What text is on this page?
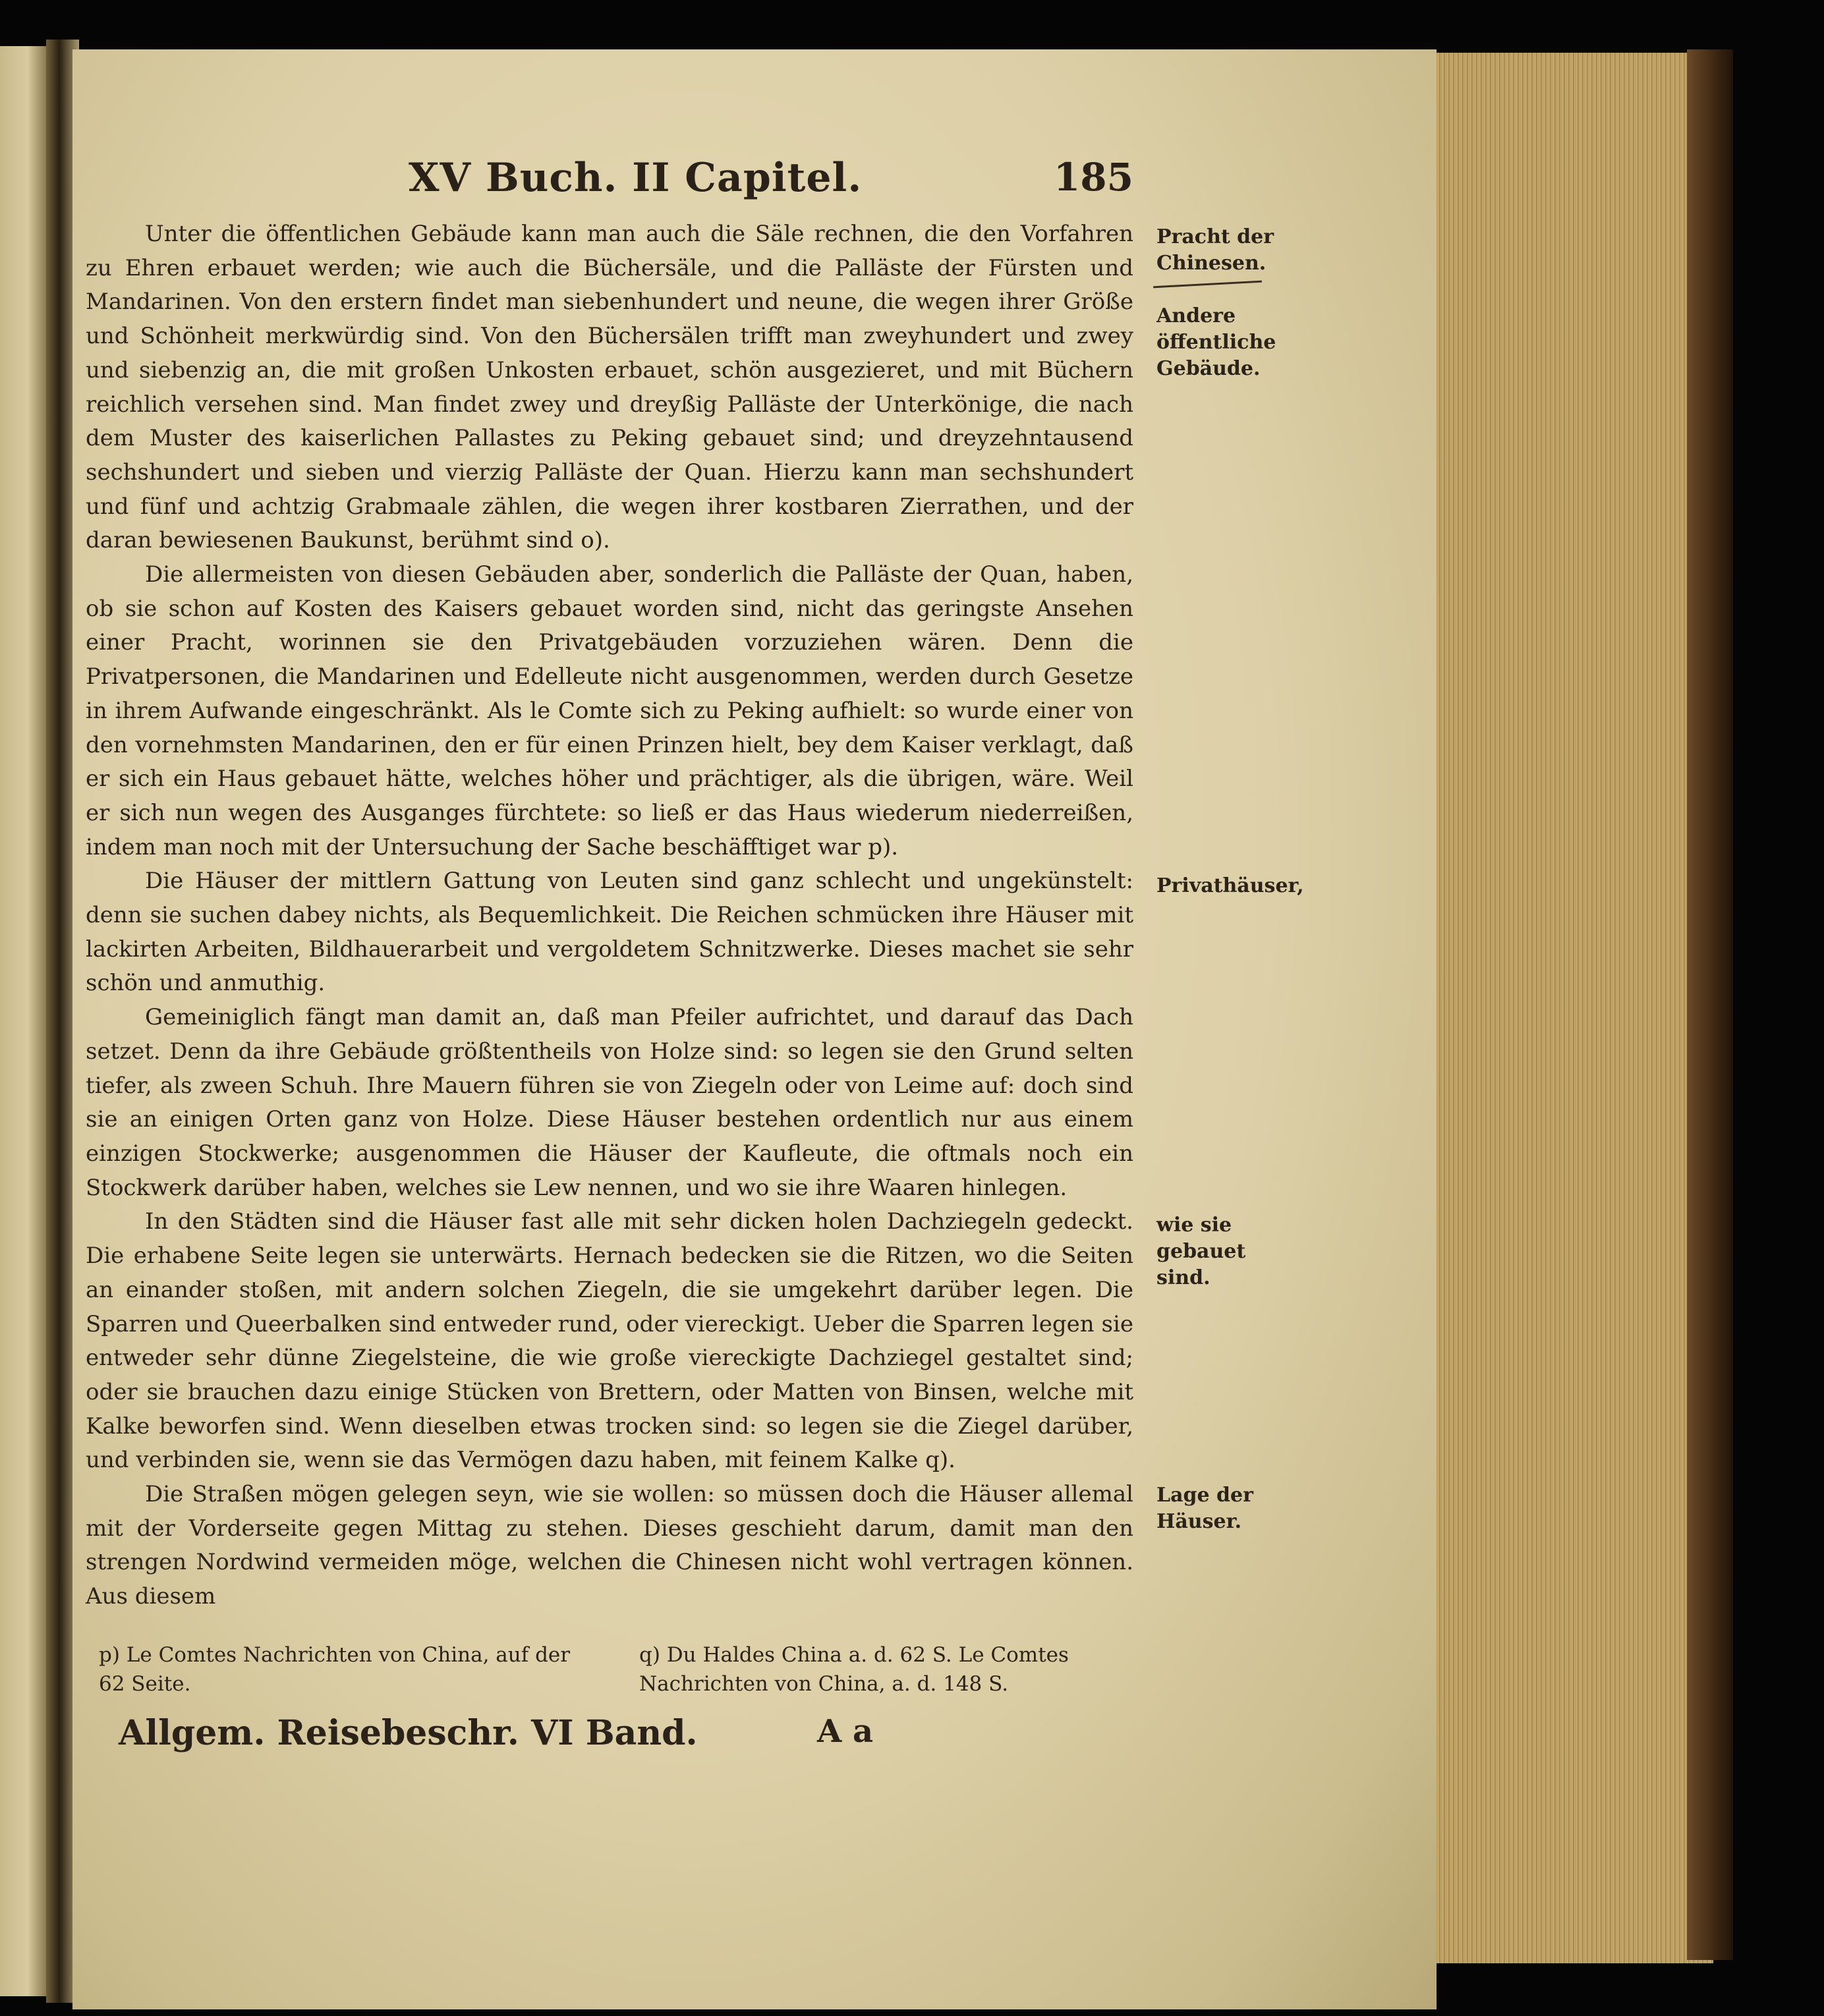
XV Buch. II Capitel.	185

Unter die öffentlichen Gebäude kann man auch die Säle rechnen, die den Vorfahren zu Ehren erbauet werden; wie auch die Büchersäle, und die Palläste der Fürsten und Mandarinen. Von den erstern findet man siebenhundert und neune, die wegen ihrer Größe und Schönheit merkwürdig sind. Von den Büchersälen trifft man zweyhundert und zwey und siebenzig an, die mit großen Unkosten erbauet, schön ausgezieret, und mit Büchern reichlich versehen sind. Man findet zwey und dreyßig Palläste der Unterkönige, die nach dem Muster des kaiserlichen Pallastes zu Peking gebauet sind; und dreyzehntausend sechshundert und sieben und vierzig Palläste der Quan. Hierzu kann man sechshundert und fünf und achtzig Grabmaale zählen, die wegen ihrer kostbaren Zierrathen, und der daran bewiesenen Baukunst, berühmt sind o).

Die allermeisten von diesen Gebäuden aber, sonderlich die Palläste der Quan, haben, ob sie schon auf Kosten des Kaisers gebauet worden sind, nicht das geringste Ansehen einer Pracht, worinnen sie den Privatgebäuden vorzuziehen wären. Denn die Privatpersonen, die Mandarinen und Edelleute nicht ausgenommen, werden durch Gesetze in ihrem Aufwande eingeschränkt. Als le Comte sich zu Peking aufhielt: so wurde einer von den vornehmsten Mandarinen, den er für einen Prinzen hielt, bey dem Kaiser verklagt, daß er sich ein Haus gebauet hätte, welches höher und prächtiger, als die übrigen, wäre. Weil er sich nun wegen des Ausganges fürchtete: so ließ er das Haus wiederum niederreißen, indem man noch mit der Untersuchung der Sache beschäfftiget war p).

Die Häuser der mittlern Gattung von Leuten sind ganz schlecht und ungekünstelt: denn sie suchen dabey nichts, als Bequemlichkeit. Die Reichen schmücken ihre Häuser mit lackirten Arbeiten, Bildhauerarbeit und vergoldetem Schnitzwerke. Dieses machet sie sehr schön und anmuthig.

Gemeiniglich fängt man damit an, daß man Pfeiler aufrichtet, und darauf das Dach setzet. Denn da ihre Gebäude größtentheils von Holze sind: so legen sie den Grund selten tiefer, als zween Schuh. Ihre Mauern führen sie von Ziegeln oder von Leime auf: doch sind sie an einigen Orten ganz von Holze. Diese Häuser bestehen ordentlich nur aus einem einzigen Stockwerke; ausgenommen die Häuser der Kaufleute, die oftmals noch ein Stockwerk darüber haben, welches sie Lew nennen, und wo sie ihre Waaren hinlegen.

In den Städten sind die Häuser fast alle mit sehr dicken holen Dachziegeln gedeckt. Die erhabene Seite legen sie unterwärts. Hernach bedecken sie die Ritzen, wo die Seiten an einander stoßen, mit andern solchen Ziegeln, die sie umgekehrt darüber legen. Die Sparren und Queerbalken sind entweder rund, oder viereckigt. Ueber die Sparren legen sie entweder sehr dünne Ziegelsteine, die wie große viereckigte Dachziegel gestaltet sind; oder sie brauchen dazu einige Stücken von Brettern, oder Matten von Binsen, welche mit Kalke beworfen sind. Wenn dieselben etwas trocken sind: so legen sie die Ziegel darüber, und verbinden sie, wenn sie das Vermögen dazu haben, mit feinem Kalke q).

Die Straßen mögen gelegen seyn, wie sie wollen: so müssen doch die Häuser allemal mit der Vorderseite gegen Mittag zu stehen. Dieses geschieht darum, damit man den strengen Nordwind vermeiden möge, welchen die Chinesen nicht wohl vertragen können. Aus diesem

Pracht der Chinesen.
Andere öffentliche Gebäude.
Privathäuser,
wie sie gebauet sind.
Lage der Häuser.
p) Le Comtes Nachrichten von China, auf der 62 Seite.
q) Du Haldes China a. d. 62 S. Le Comtes Nachrichten von China, a. d. 148 S.
Allgem. Reisebeschr. VI Band.	A a
